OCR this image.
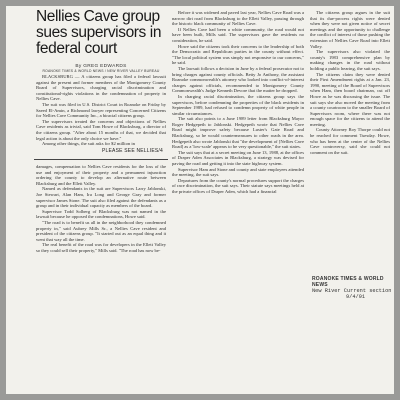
Nellies Cave group sues supervisors in federal court
By GREG EDWARDS
ROANOKE TIMES & WORLD NEWS / NEW RIVER VALLEY BUREAU

BLACKSBURG — A citizens group has filed a federal lawsuit against the present and former members of the Montgomery County Board of Supervisors, charging racial discrimination and constitutional-rights violations in the condemnation of property in Nellies Cave.

The suit was filed in U.S. District Court in Roanoke on Friday by Saeed El-Amin, a Richmond lawyer representing Concerned Citizens for Nellies Cave Community Inc., a biracial citizens group.

The supervisors treated the concerns and objections of Nellies Cave residents as trivial, said Tom Howe of Blacksburg, a director of the citizens group. "After about 15 months of that, we decided that legal action is about the only choice we have."

Among other things, the suit asks for $2 million in

PLEASE SEE NELLIES/4

damages, compensation to Nellies Cave residents for the loss of the use and enjoyment of their property and a permanent injunction ordering the county to develop an alternative route between Blacksburg and the Ellett Valley.

Named as defendants in the suit are Supervisors Larry Jablonski, Joe Stewart, Alan Ham, Ira Long and George Gray and former supervisor James Stone. The suit also filed against the defendants as a group and in their individual capacity as members of the board.

Supervisor Todd Solberg of Blacksburg was not named in the lawsuit because he opposed the condemnations, Howe said.

"The road is to benefit us all in the neighborhood they condemned property in," said Aubrey Mills Sr., a Nellies Cave resident and president of the citizens group. "It started out as an equal thing and it went that way all the time.

The real benefit of the road was for developers in the Ellett Valley so they could sell their property," Mills said. "The road has now be-

Before it was widened and paved last year, Nellies Cave Road was a narrow dirt road from Blacksburg to the Ellett Valley, passing through the historic black community of Nellies Cave.

If Nellies Cave had been a white community, the road would not have been built, Mills said. The supervisors gave the residents no consideration, he said.

Howe said the citizens took their concerns to the leadership of both the Democratic and Republican parties in the county without effect. "The local political system was simply not responsive to our concerns," he said.

The lawsuit follows a decision in June by a federal prosecutor not to bring charges against county officials. Betty Jo Anthony, the assistant Roanoke commonwealth's attorney who looked into conflict-of-interest charges against officials, recommended to Montgomery County Commonwealth's Judge Kenneth Devore that the matter be dropped.

In charging racial discrimination, the citizens group says the supervisors, before condemning the properties of the black residents in September 1989, had refused to condemn property of white people in similar circumstances.

The suit also points to a June 1989 letter from Blacksburg Mayor Roger Hedgepeth to Jablonski. Hedgepeth wrote that Nellies Cave Road might improve safety because Luster's Gate Road and Blacksburg, so he would countermeasures to other roads in the area. Hedgepeth also wrote Jablonski that "the development of [Nellies Cave Road] as a 'low-scale' appears to be very questionable," the suit states.

The suit says that at a secret meeting on June 13, 1988, at the offices of Draper Aden Associates in Blacksburg, a strategy was devised for paving the road and getting it into the state highway system.

Supervisor Ham and Stone and county and state employees attended the meeting, the suit says.

Departures from the county's normal procedures support the charges of race discrimination, the suit says. Their statute says meetings held at the private offices of Draper Aden, which had a financial

The citizens group argues in the suit that its due-process rights were denied when they were not given notice of secret meetings and the opportunity to challenge the conflict of interest of those pushing the extension of Nellies Cave Road into Ellett Valley.

The supervisors also violated the county's 1983 comprehensive plan by making changes in the road without holding a public hearing, the suit says.

The citizens claim they were denied their First Amendment rights at a Jan. 23, 1990, meeting of the Board of Supervisors when Ham, then board chairman, cut off Howe as he was discussing the issue. The suit says she also moved the meeting from a county courtroom to the smaller Board of Supervisors room, where there was not enough space for the citizens to attend the meeting.

County Attorney Roy Thorpe could not be reached for comment Tuesday. Howe, who has been at the center of the Nellies Cave controversy, said she could not comment on the suit.

ROANOKE TIMES & WORLD NEWS
New River Current section
9/4/91
